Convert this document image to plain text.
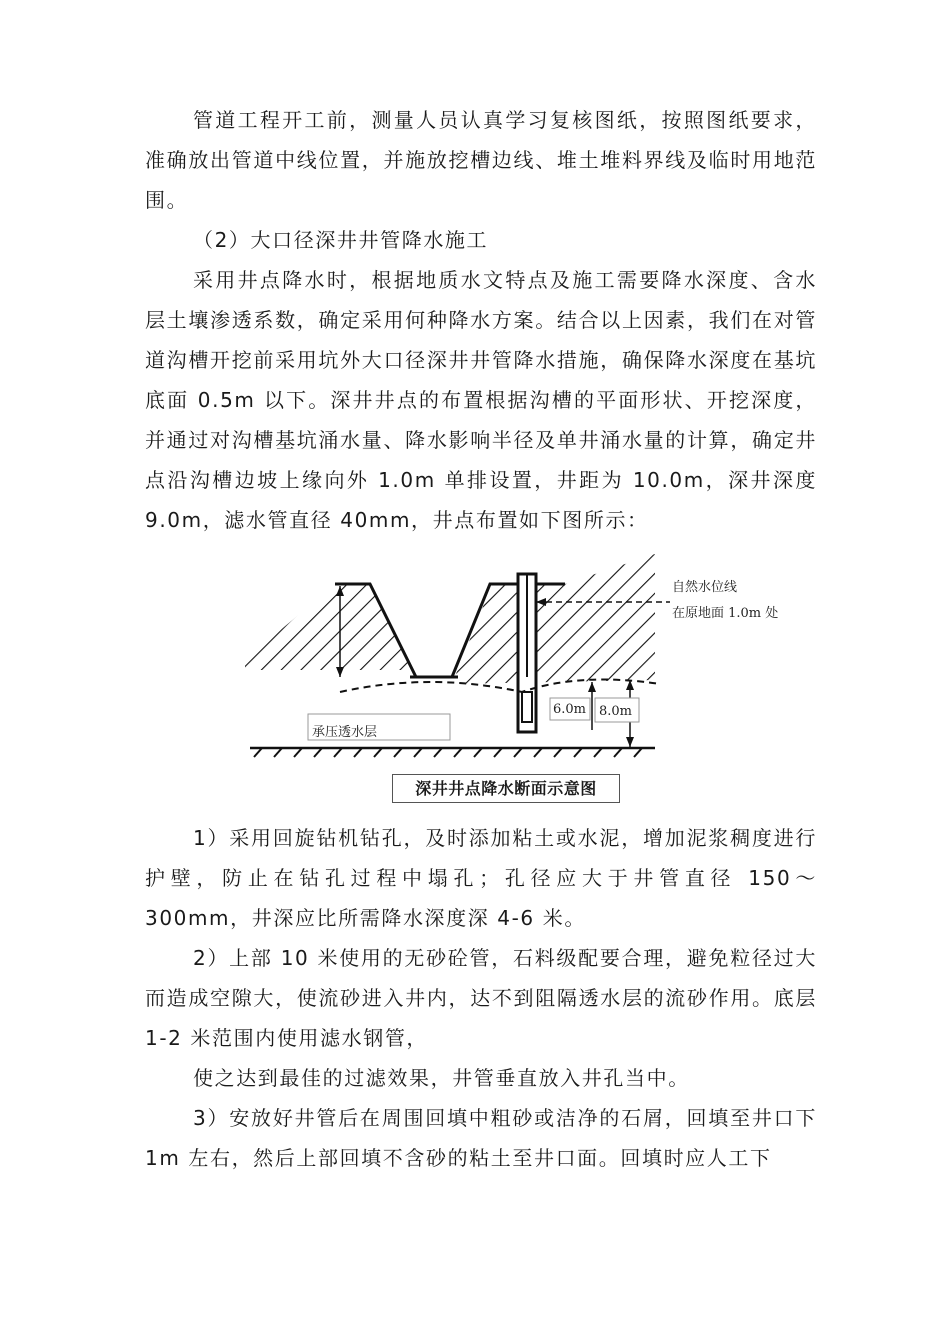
管道工程开工前，测量人员认真学习复核图纸，按照图纸要求，准确放出管道中线位置，并施放挖槽边线、堆土堆料界线及临时用地范围。

（2）大口径深井井管降水施工

采用井点降水时，根据地质水文特点及施工需要降水深度、含水层土壤渗透系数，确定采用何种降水方案。结合以上因素，我们在对管道沟槽开挖前采用坑外大口径深井井管降水措施，确保降水深度在基坑底面 0.5m 以下。深井井点的布置根据沟槽的平面形状、开挖深度，并通过对沟槽基坑涌水量、降水影响半径及单井涌水量的计算，确定井点沿沟槽边坡上缘向外 1.0m 单排设置，井距为 10.0m，深井深度 9.0m，滤水管直径 40mm，井点布置如下图所示：

自然水位线
在原地面 1.0m 处
6.0m 8.0m
承压透水层
深井井点降水断面示意图

1）采用回旋钻机钻孔，及时添加粘土或水泥，增加泥浆稠度进行护壁，防止在钻孔过程中塌孔；孔径应大于井管直径 150～300mm，井深应比所需降水深度深 4-6 米。

2）上部 10 米使用的无砂砼管，石料级配要合理，避免粒径过大而造成空隙大，使流砂进入井内，达不到阻隔透水层的流砂作用。底层 1-2 米范围内使用滤水钢管，

使之达到最佳的过滤效果，井管垂直放入井孔当中。

3）安放好井管后在周围回填中粗砂或洁净的石屑，回填至井口下 1m 左右，然后上部回填不含砂的粘土至井口面。回填时应人工下
